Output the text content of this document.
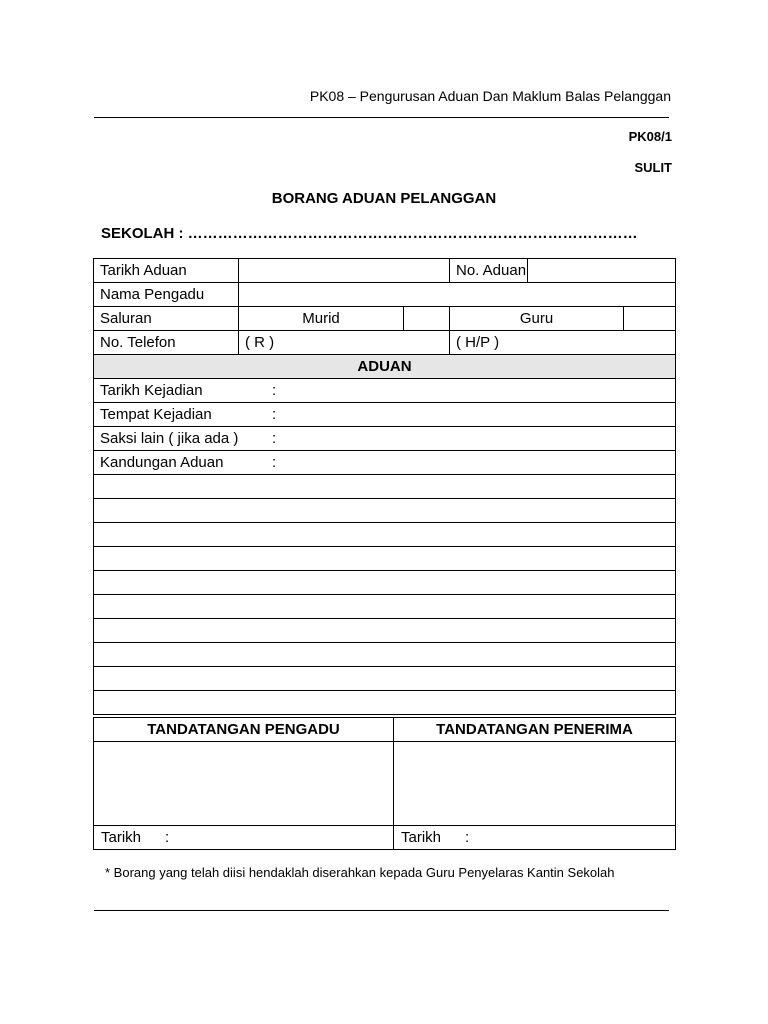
PK08 – Pengurusan Aduan Dan Maklum Balas Pelanggan
PK08/1
SULIT
BORANG ADUAN PELANGGAN
SEKOLAH : ………………………………………………………………………………
Tarikh Aduan			No. Aduan		
Nama Pengadu					
Saluran	Murid		Guru		
No. Telefon	( R )		( H/P )		
ADUAN					
Tarikh Kejadian :					

Tempat Kejadian :					

Saksi lain ( jika ada ) :					

Kandungan Aduan :					

TANDATANGAN PENGADU	TANDATANGAN PENERIMA

Tarikh :	Tarikh :
* Borang yang telah diisi hendaklah diserahkan kepada Guru Penyelaras Kantin Sekolah
